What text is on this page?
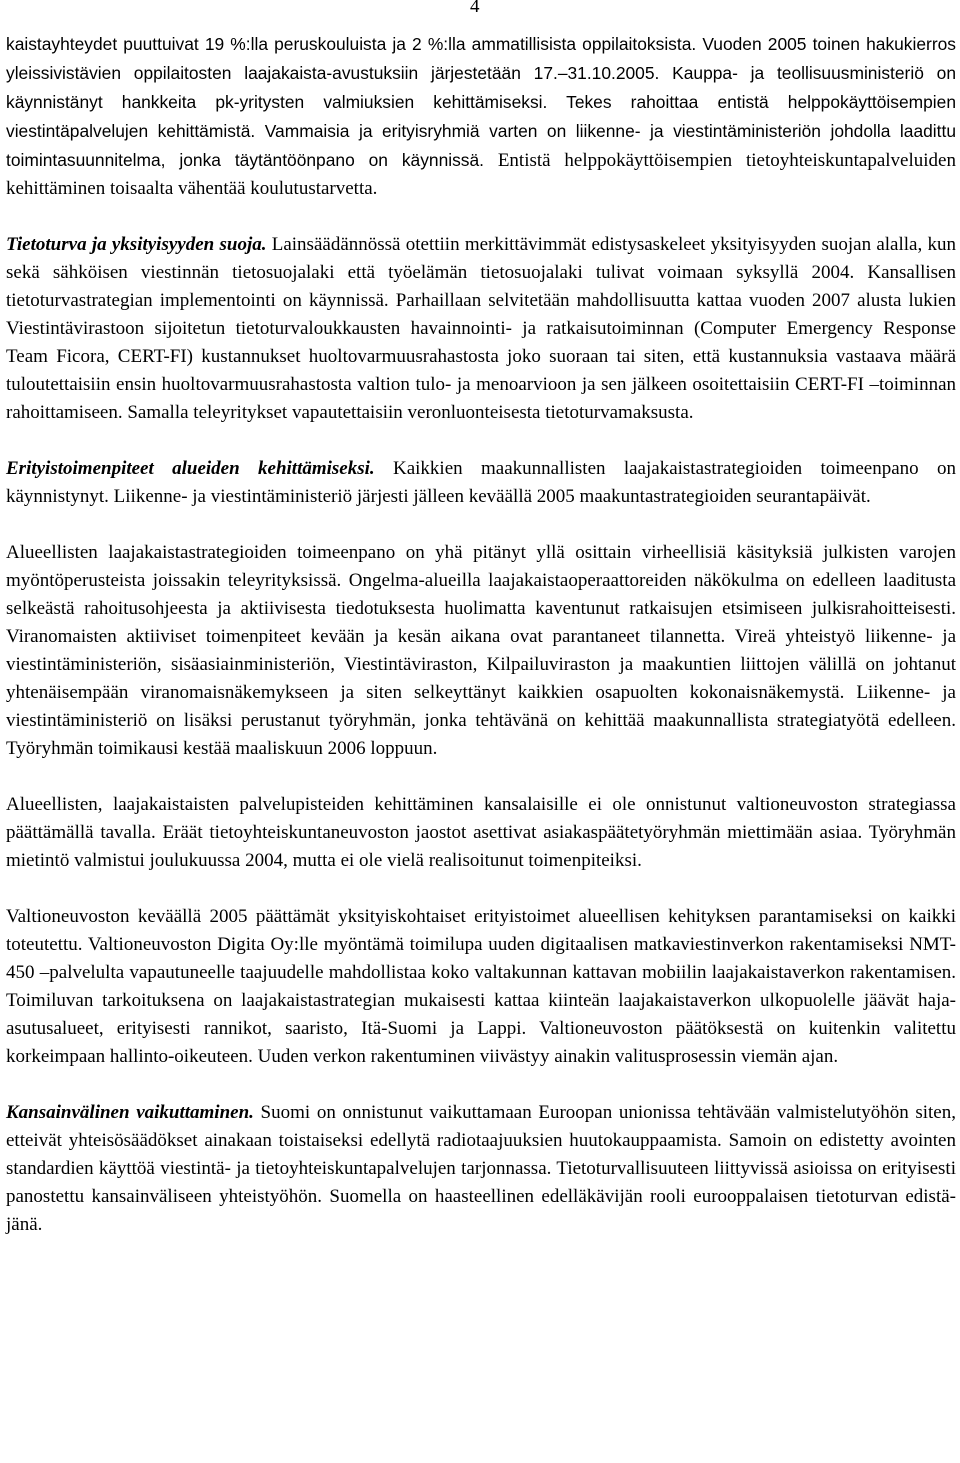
4

kaistayhteydet puuttuivat 19 %:lla peruskouluista ja 2 %:lla ammatillisista oppilaitoksista. Vuoden 2005 toinen hakukierros yleissivistävien oppilaitosten laajakaista-avustuksiin järjestetään 17.–31.10.2005. Kauppa- ja teollisuusministeriö on käynnistänyt hankkeita pk-yritysten valmiuksien kehittämiseksi. Tekes rahoittaa entistä helppokäyttöisempien viestintäpalvelujen kehittämistä. Vammaisia ja erityisryhmiä varten on liikenne- ja viestintäministeriön johdolla laadittu toimintasuunnitelma, jonka täytäntöönpano on käynnissä. Entistä helppokäyttöisempien tietoyhteiskuntapalveluiden kehittäminen toisaalta vähentää koulutustarvetta.

Tietoturva ja yksityisyyden suoja. Lainsäädännössä otettiin merkittävimmät edistysaskeleet yksityisyyden suojan alalla, kun sekä sähköisen viestinnän tietosuojalaki että työelämän tietosuojalaki tulivat voimaan syksyllä 2004. Kansallisen tietoturvastrategian implementointi on käynnissä. Parhaillaan selvitetään mahdollisuutta kattaa vuoden 2007 alusta lukien Viestintävirastoon sijoitetun tietoturvaloukkausten havainnointi- ja ratkaisutoiminnan (Computer Emergency Response Team Ficora, CERT-FI) kustannukset huoltovarmuusrahastosta joko suoraan tai siten, että kustannuksia vastaava määrä tuloutettaisiin ensin huoltovarmuusrahastosta valtion tulo- ja menoarvioon ja sen jälkeen osoitettaisiin CERT-FI –toiminnan rahoittamiseen. Samalla teleyritykset vapautettaisiin veronluonteisesta tietoturvamaksusta.

Erityistoimenpiteet alueiden kehittämiseksi. Kaikkien maakunnallisten laajakaistastrategioiden toimeenpano on käynnistynyt. Liikenne- ja viestintäministeriö järjesti jälleen keväällä 2005 maakuntastrategioiden seurantapäivät.

Alueellisten laajakaistastrategioiden toimeenpano on yhä pitänyt yllä osittain virheellisiä käsityksiä julkisten varojen myöntöperusteista joissakin teleyrityksissä. Ongelma-alueilla laajakaistaoperaattoreiden näkökulma on edelleen laaditusta selkeästä rahoitusohjeesta ja aktiivisesta tiedotuksesta huolimatta kaventunut ratkaisujen etsimiseen julkisrahoitteisesti. Viranomaisten aktiiviset toimenpiteet kevään ja kesän aikana ovat parantaneet tilannetta. Vireä yhteistyö liikenne- ja viestintäministeriön, sisäasiainministeriön, Viestintäviraston, Kilpailuviraston ja maakuntien liittojen välillä on johtanut yhtenäisempään viranomaisnäkemykseen ja siten selkeyttänyt kaikkien osapuolten kokonaisnäkemystä. Liikenne- ja viestintäministeriö on lisäksi perustanut työryhmän, jonka tehtävänä on kehittää maakunnallista strategiatyötä edelleen. Työryhmän toimikausi kestää maaliskuun 2006 loppuun.

Alueellisten, laajakaistaisten palvelupisteiden kehittäminen kansalaisille ei ole onnistunut valtioneuvoston strategiassa päättämällä tavalla. Eräät tietoyhteiskuntaneuvoston jaostot asettivat asiakaspäätetyöryhmän miettimään asiaa. Työryhmän mietintö valmistui joulukuussa 2004, mutta ei ole vielä realisoitunut toimenpiteiksi.

Valtioneuvoston keväällä 2005 päättämät yksityiskohtaiset erityistoimet alueellisen kehityksen parantamiseksi on kaikki toteutettu. Valtioneuvoston Digita Oy:lle myöntämä toimilupa uuden digitaalisen matkaviestinverkon rakentamiseksi NMT-450 –palvelulta vapautuneelle taajuudelle mahdollistaa koko valtakunnan kattavan mobiilin laajakaistaverkon rakentamisen. Toimiluvan tarkoituksena on laajakaistastrategian mukaisesti kattaa kiinteän laajakaistaverkon ulkopuolelle jäävät haja-asutusalueet, erityisesti rannikot, saaristo, Itä-Suomi ja Lappi. Valtioneuvoston päätöksestä on kuitenkin valitettu korkeimpaan hallinto-oikeuteen. Uuden verkon rakentuminen viivästyy ainakin valitusprosessin viemän ajan.

Kansainvälinen vaikuttaminen. Suomi on onnistunut vaikuttamaan Euroopan unionissa tehtävään valmistelutyöhön siten, etteivät yhteisösäädökset ainakaan toistaiseksi edellytä radiotaajuuksien huutokauppaamista. Samoin on edistetty avointen standardien käyttöä viestintä- ja tietoyhteiskuntapalvelujen tarjonnassa. Tietoturvallisuuteen liittyvissä asioissa on erityisesti panostettu kansainväliseen yhteistyöhön. Suomella on haasteellinen edelläkävijän rooli eurooppalaisen tietoturvan edistäjänä.
